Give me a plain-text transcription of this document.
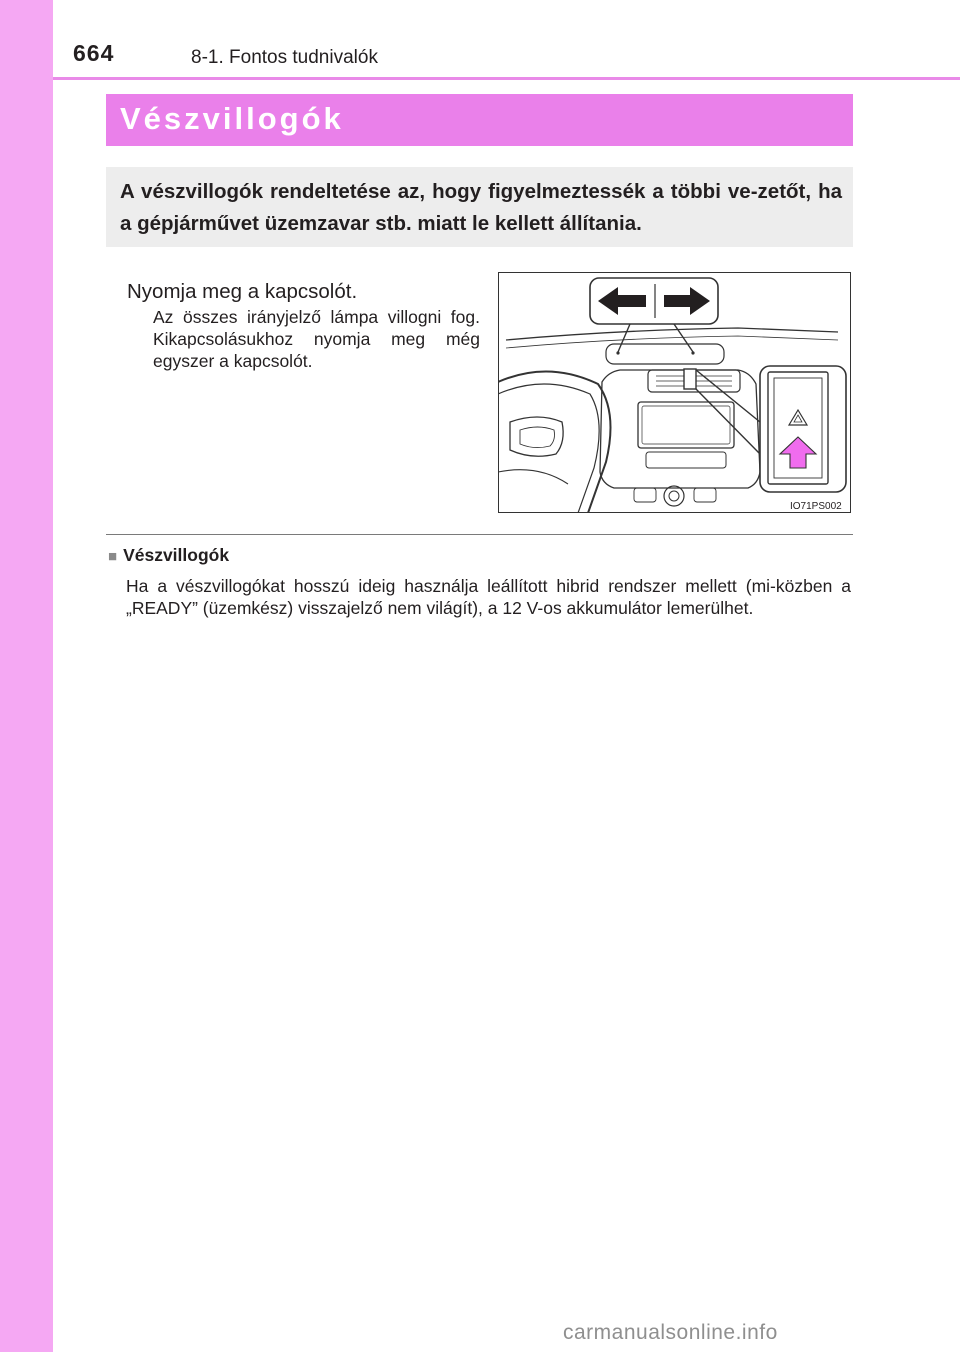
664	8-1. Fontos tudnivalók
Vészvillogók
A vészvillogók rendeltetése az, hogy figyelmeztessék a többi ve-zetőt, ha a gépjárművet üzemzavar stb. miatt le kellett állítania.
Nyomja meg a kapcsolót.
Az összes irányjelző lámpa villogni fog. Kikapcsolásukhoz nyomja meg még egyszer a kapcsolót.
IO71PS002
■ Vészvillogók
Ha a vészvillogókat hosszú ideig használja leállított hibrid rendszer mellett (mi-közben a „READY” (üzemkész) visszajelző nem világít), a 12 V-os akkumulátor lemerülhet.
carmanualsonline.info
